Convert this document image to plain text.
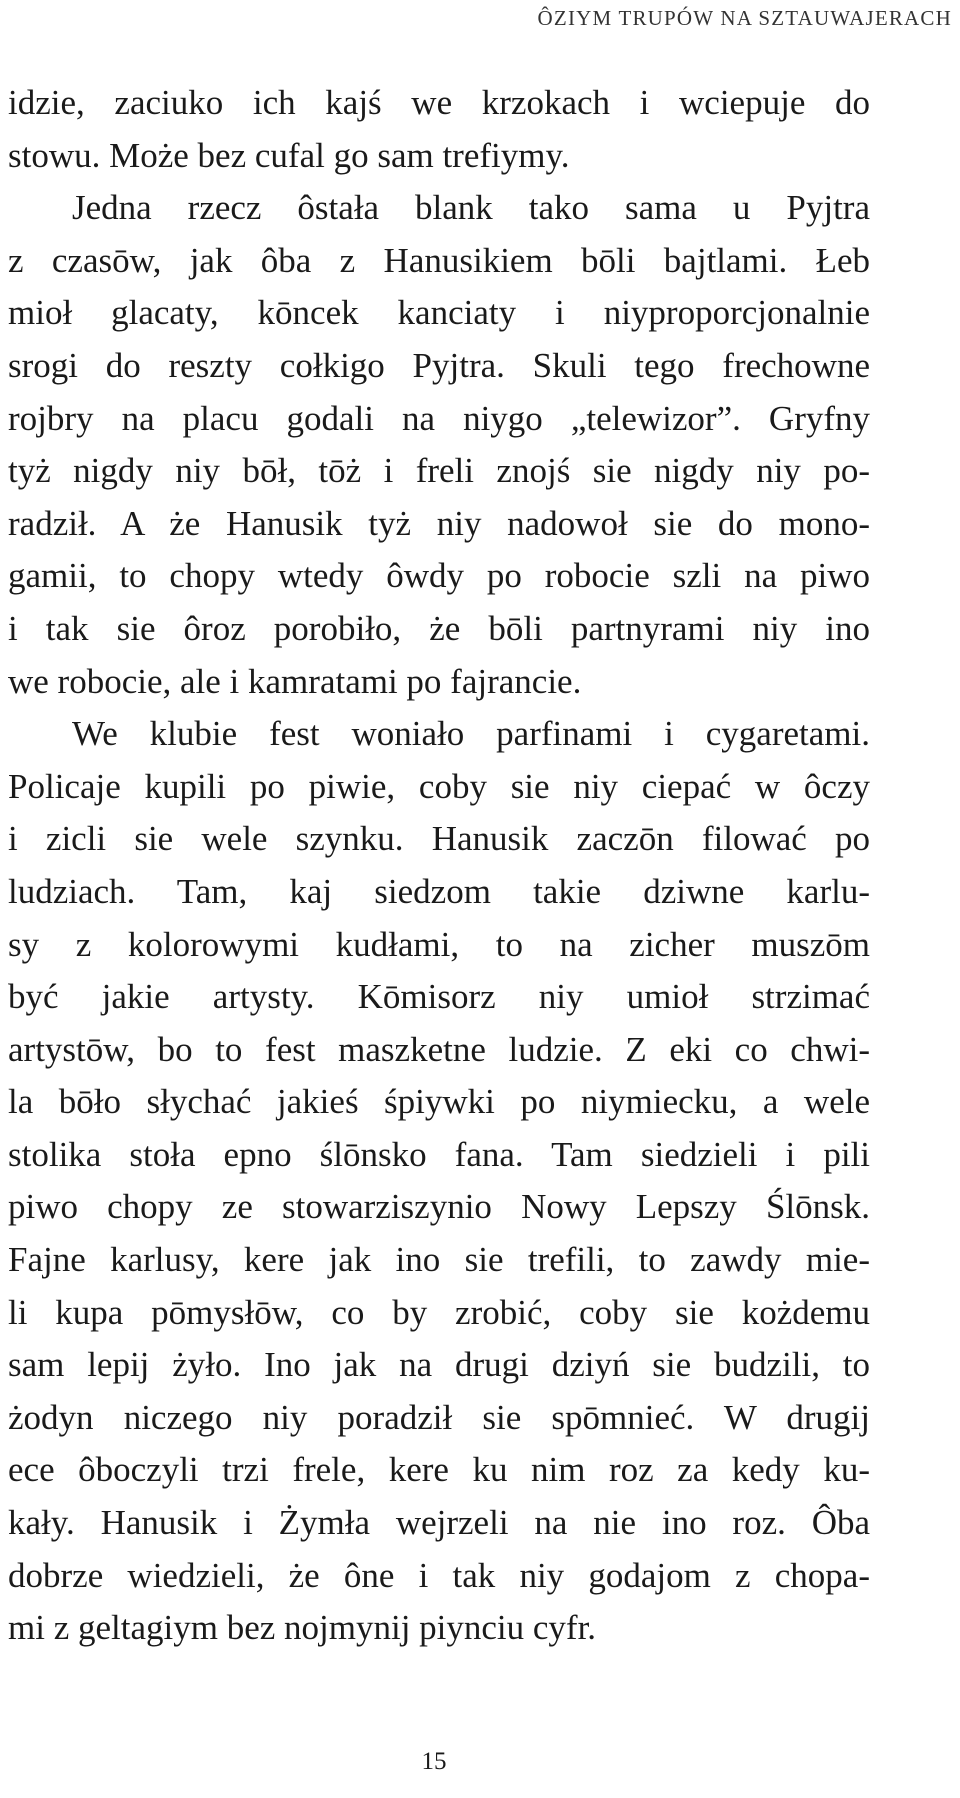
ÔZIYM TRUPÓW NA SZTAUWAJERACH
idzie, zaciuko ich kajś we krzokach i wciepuje do
stowu. Może bez cufal go sam trefiymy.
Jedna rzecz ôstała blank tako sama u Pyjtra
z czasōw, jak ôba z Hanusikiem bōli bajtlami. Łeb
mioł glacaty, kōncek kanciaty i niyproporcjonalnie
srogi do reszty cołkigo Pyjtra. Skuli tego frechowne
rojbry na placu godali na niygo „telewizor”. Gryfny
tyż nigdy niy bōł, tōż i freli znojś sie nigdy niy po-
radził. A że Hanusik tyż niy nadowoł sie do mono-
gamii, to chopy wtedy ôwdy po robocie szli na piwo
i tak sie ôroz porobiło, że bōli partnyrami niy ino
we robocie, ale i kamratami po fajrancie.
We klubie fest woniało parfinami i cygaretami.
Policaje kupili po piwie, coby sie niy ciepać w ôczy
i zicli sie wele szynku. Hanusik zaczōn filować po
ludziach. Tam, kaj siedzom takie dziwne karlu-
sy z kolorowymi kudłami, to na zicher muszōm
być jakie artysty. Kōmisorz niy umioł strzimać
artystōw, bo to fest maszketne ludzie. Z eki co chwi-
la bōło słychać jakieś śpiywki po niymiecku, a wele
stolika stoła epno ślōnsko fana. Tam siedzieli i pili
piwo chopy ze stowarziszynio Nowy Lepszy Ślōnsk.
Fajne karlusy, kere jak ino sie trefili, to zawdy mie-
li kupa pōmysłōw, co by zrobić, coby sie kożdemu
sam lepij żyło. Ino jak na drugi dziyń sie budzili, to
żodyn niczego niy poradził sie spōmnieć. W drugij
ece ôboczyli trzi frele, kere ku nim roz za kedy ku-
kały. Hanusik i Żymła wejrzeli na nie ino roz. Ôba
dobrze wiedzieli, że ône i tak niy godajom z chopa-
mi z geltagiym bez nojmynij piynciu cyfr.
15
